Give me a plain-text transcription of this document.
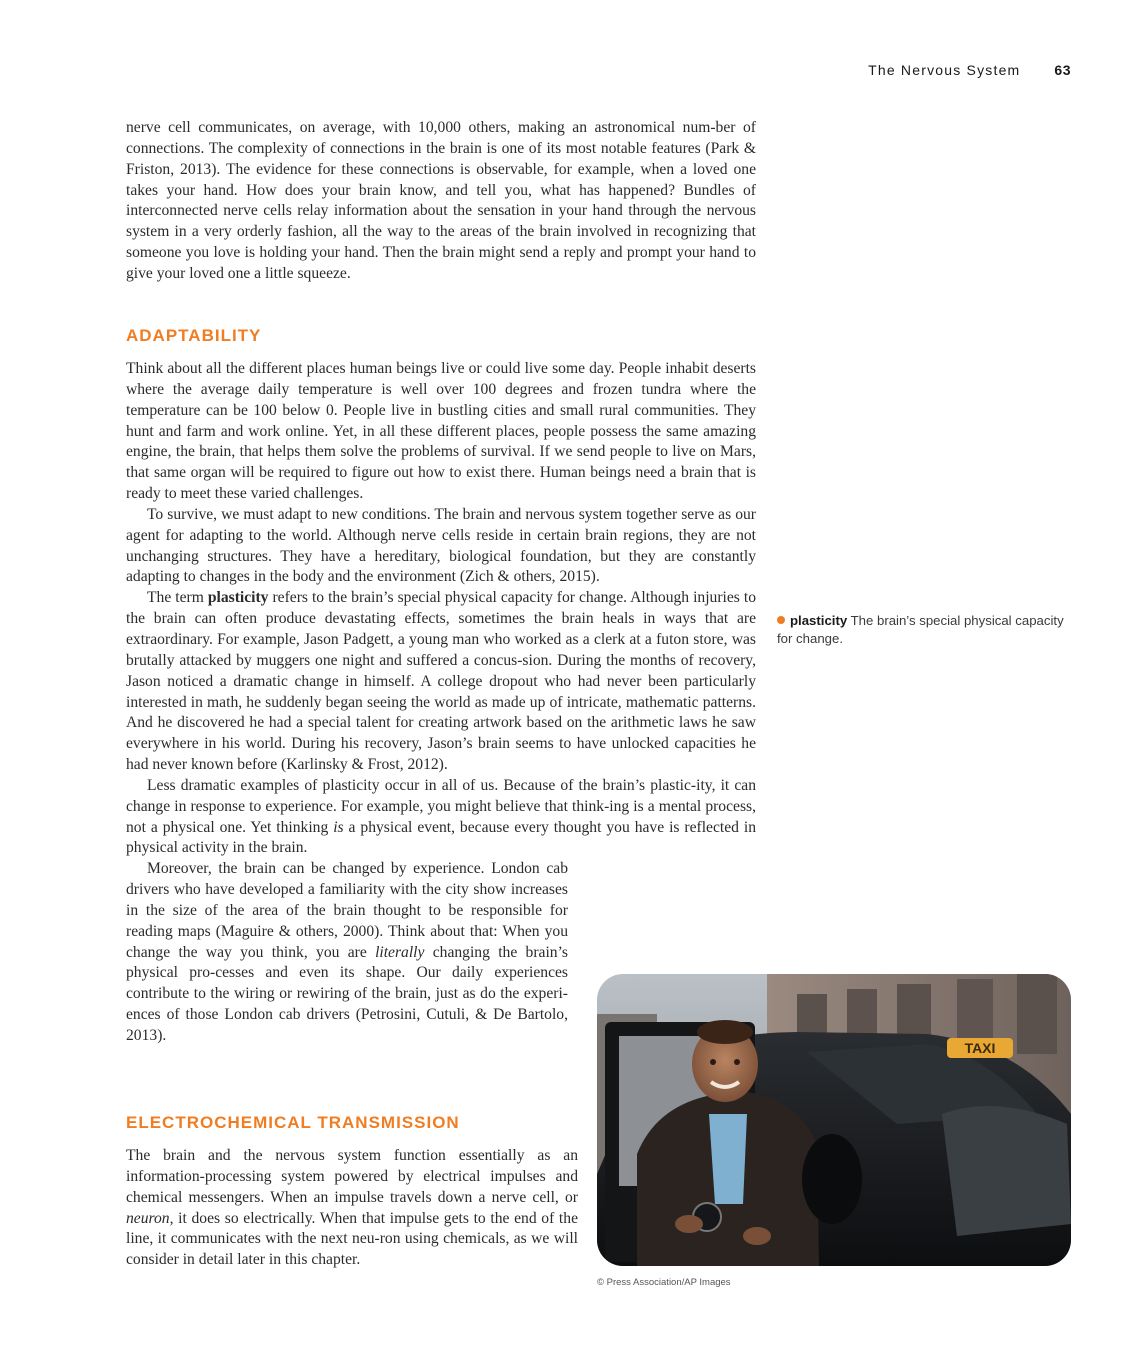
The Nervous System 63

nerve cell communicates, on average, with 10,000 others, making an astronomical num-ber of connections. The complexity of connections in the brain is one of its most notable features (Park & Friston, 2013). The evidence for these connections is observable, for example, when a loved one takes your hand. How does your brain know, and tell you, what has happened? Bundles of interconnected nerve cells relay information about the sensation in your hand through the nervous system in a very orderly fashion, all the way to the areas of the brain involved in recognizing that someone you love is holding your hand. Then the brain might send a reply and prompt your hand to give your loved one a little squeeze.

ADAPTABILITY

Think about all the different places human beings live or could live some day. People inhabit deserts where the average daily temperature is well over 100 degrees and frozen tundra where the temperature can be 100 below 0. People live in bustling cities and small rural communities. They hunt and farm and work online. Yet, in all these different places, people possess the same amazing engine, the brain, that helps them solve the problems of survival. If we send people to live on Mars, that same organ will be required to figure out how to exist there. Human beings need a brain that is ready to meet these varied challenges.

To survive, we must adapt to new conditions. The brain and nervous system together serve as our agent for adapting to the world. Although nerve cells reside in certain brain regions, they are not unchanging structures. They have a hereditary, biological foundation, but they are constantly adapting to changes in the body and the environment (Zich & others, 2015).

The term plasticity refers to the brain’s special physical capacity for change. Although injuries to the brain can often produce devastating effects, sometimes the brain heals in ways that are extraordinary. For example, Jason Padgett, a young man who worked as a clerk at a futon store, was brutally attacked by muggers one night and suffered a concus-sion. During the months of recovery, Jason noticed a dramatic change in himself. A college dropout who had never been particularly interested in math, he suddenly began seeing the world as made up of intricate, mathematic patterns. And he discovered he had a special talent for creating artwork based on the arithmetic laws he saw everywhere in his world. During his recovery, Jason’s brain seems to have unlocked capacities he had never known before (Karlinsky & Frost, 2012).

Less dramatic examples of plasticity occur in all of us. Because of the brain’s plastic-ity, it can change in response to experience. For example, you might believe that think-ing is a mental process, not a physical one. Yet thinking is a physical event, because every thought you have is reflected in physical activity in the brain.

Moreover, the brain can be changed by experience. London cab drivers who have developed a familiarity with the city show increases in the size of the area of the brain thought to be responsible for reading maps (Maguire & others, 2000). Think about that: When you change the way you think, you are literally changing the brain’s physical pro-cesses and even its shape. Our daily experiences contribute to the wiring or rewiring of the brain, just as do the experi-ences of those London cab drivers (Petrosini, Cutuli, & De Bartolo, 2013).

ELECTROCHEMICAL TRANSMISSION

The brain and the nervous system function essentially as an information-processing system powered by electrical impulses and chemical messengers. When an impulse travels down a nerve cell, or neuron, it does so electrically. When that impulse gets to the end of the line, it communicates with the next neu-ron using chemicals, as we will consider in detail later in this chapter.

plasticity The brain’s special physical capacity for change.
TAXI
© Press Association/AP Images
